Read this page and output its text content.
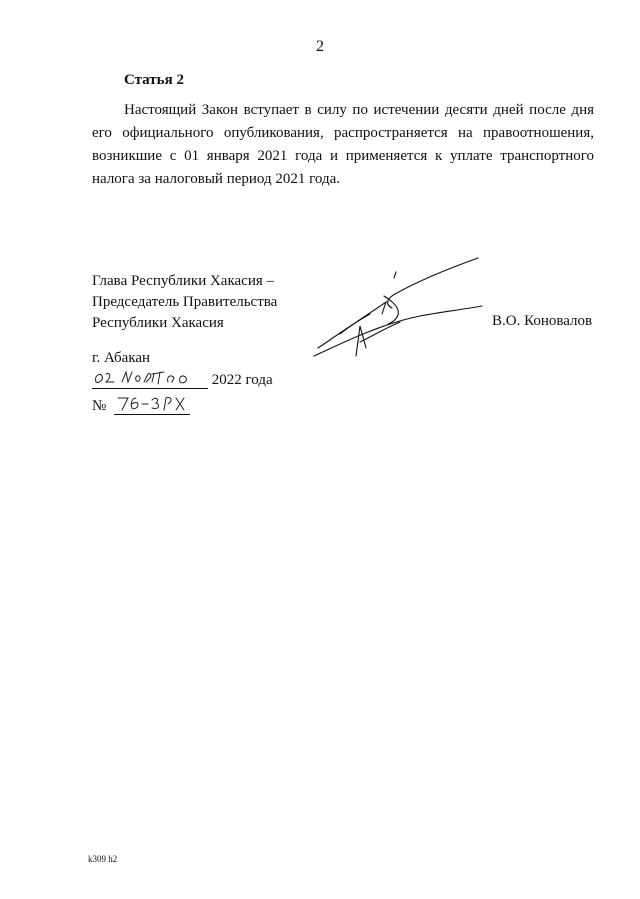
2
Статья 2

Настоящий Закон вступает в силу по истечении десяти дней после дня его официального опубликования, распространяется на правоотношения, возникшие с 01 января 2021 года и применяется к уплате транспортного налога за налоговый период 2021 года.

Глава Республики Хакасия –
Председатель Правительства
Республики Хакасия	В.О. Коновалов
г. Абакан
2022 года
№
k309 h2
